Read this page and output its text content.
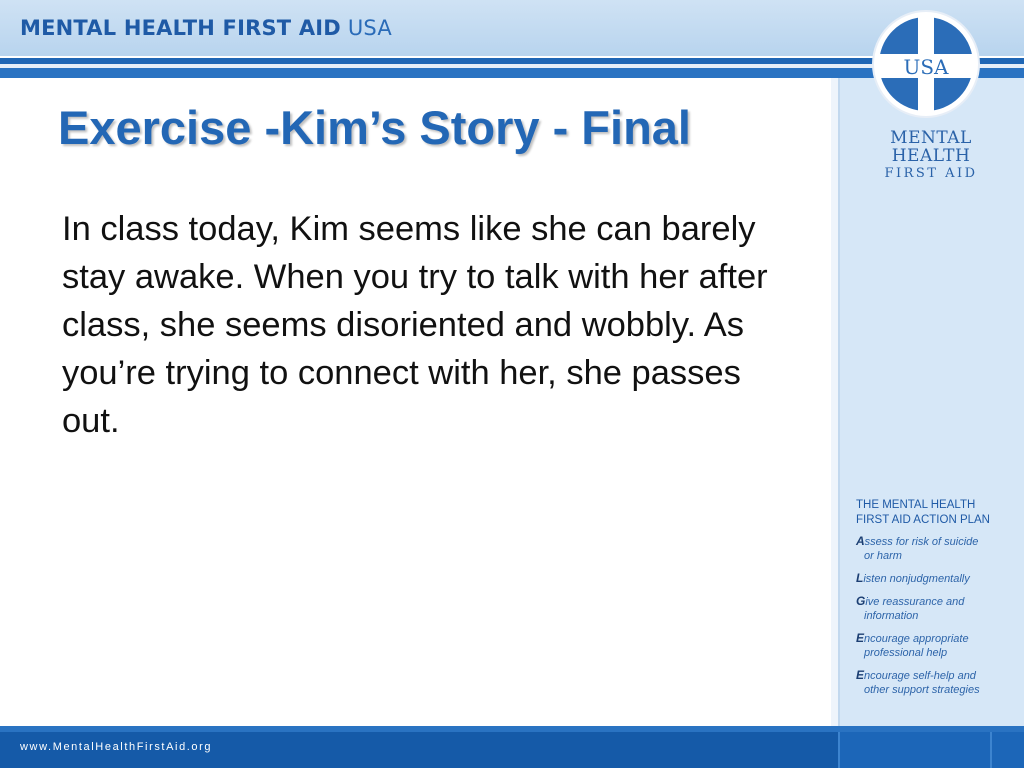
MENTAL HEALTH FIRST AID USA
USA
MENTAL
HEALTH
FIRST AID
Exercise -Kim’s Story - Final

In class today, Kim seems like she can barely stay awake. When you try to talk with her after class, she seems disoriented and wobbly. As you’re trying to connect with her, she passes out.

THE MENTAL HEALTH
FIRST AID ACTION PLAN
Assess for risk of suicide
or harm
Listen nonjudgmentally
Give reassurance and
information
Encourage appropriate
professional help
Encourage self-help and
other support strategies
www.MentalHealthFirstAid.org
